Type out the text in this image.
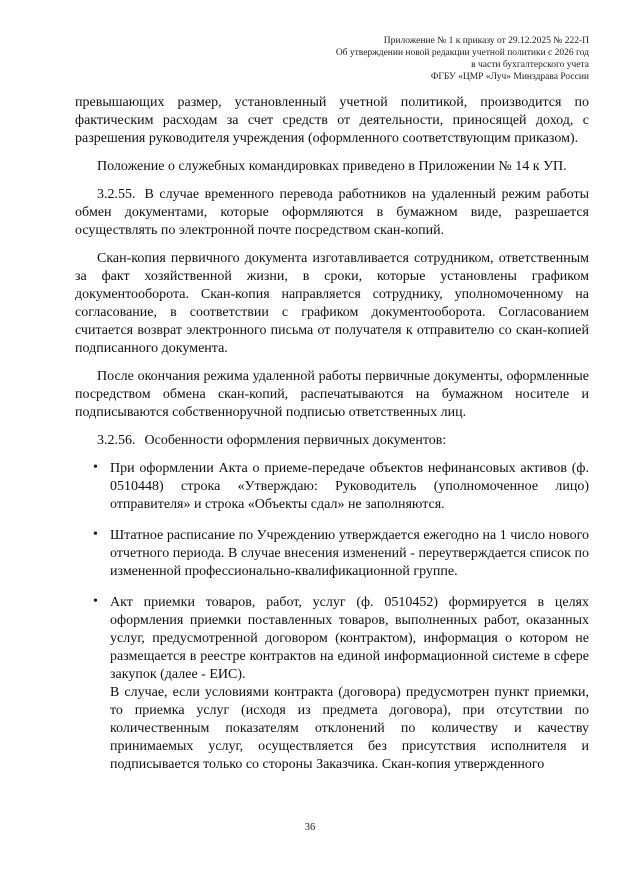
Приложение № 1 к приказу от 29.12.2025 № 222-П
Об утверждении новой редакции учетной политики с 2026 год
в части бухгалтерского учета
ФГБУ «ЦМР «Луч» Минздрава России

превышающих размер, установленный учетной политикой, производится по фактическим расходам за счет средств от деятельности, приносящей доход, с разрешения руководителя учреждения (оформленного соответствующим приказом).

Положение о служебных командировках приведено в Приложении № 14 к УП.

3.2.55. В случае временного перевода работников на удаленный режим работы обмен документами, которые оформляются в бумажном виде, разрешается осуществлять по электронной почте посредством скан-копий.

Скан-копия первичного документа изготавливается сотрудником, ответственным за факт хозяйственной жизни, в сроки, которые установлены графиком документооборота. Скан-копия направляется сотруднику, уполномоченному на согласование, в соответствии с графиком документооборота. Согласованием считается возврат электронного письма от получателя к отправителю со скан-копией подписанного документа.

После окончания режима удаленной работы первичные документы, оформленные посредством обмена скан-копий, распечатываются на бумажном носителе и подписываются собственноручной подписью ответственных лиц.

3.2.56. Особенности оформления первичных документов:

• При оформлении Акта о приеме-передаче объектов нефинансовых активов (ф. 0510448) строка «Утверждаю: Руководитель (уполномоченное лицо) отправителя» и строка «Объекты сдал» не заполняются.

• Штатное расписание по Учреждению утверждается ежегодно на 1 число нового отчетного периода. В случае внесения изменений - переутверждается список по измененной профессионально-квалификационной группе.

• Акт приемки товаров, работ, услуг (ф. 0510452) формируется в целях оформления приемки поставленных товаров, выполненных работ, оказанных услуг, предусмотренной договором (контрактом), информация о котором не размещается в реестре контрактов на единой информационной системе в сфере закупок (далее - ЕИС).

В случае, если условиями контракта (договора) предусмотрен пункт приемки, то приемка услуг (исходя из предмета договора), при отсутствии по количественным показателям отклонений по количеству и качеству принимаемых услуг, осуществляется без присутствия исполнителя и подписывается только со стороны Заказчика. Скан-копия утвержденного

36
